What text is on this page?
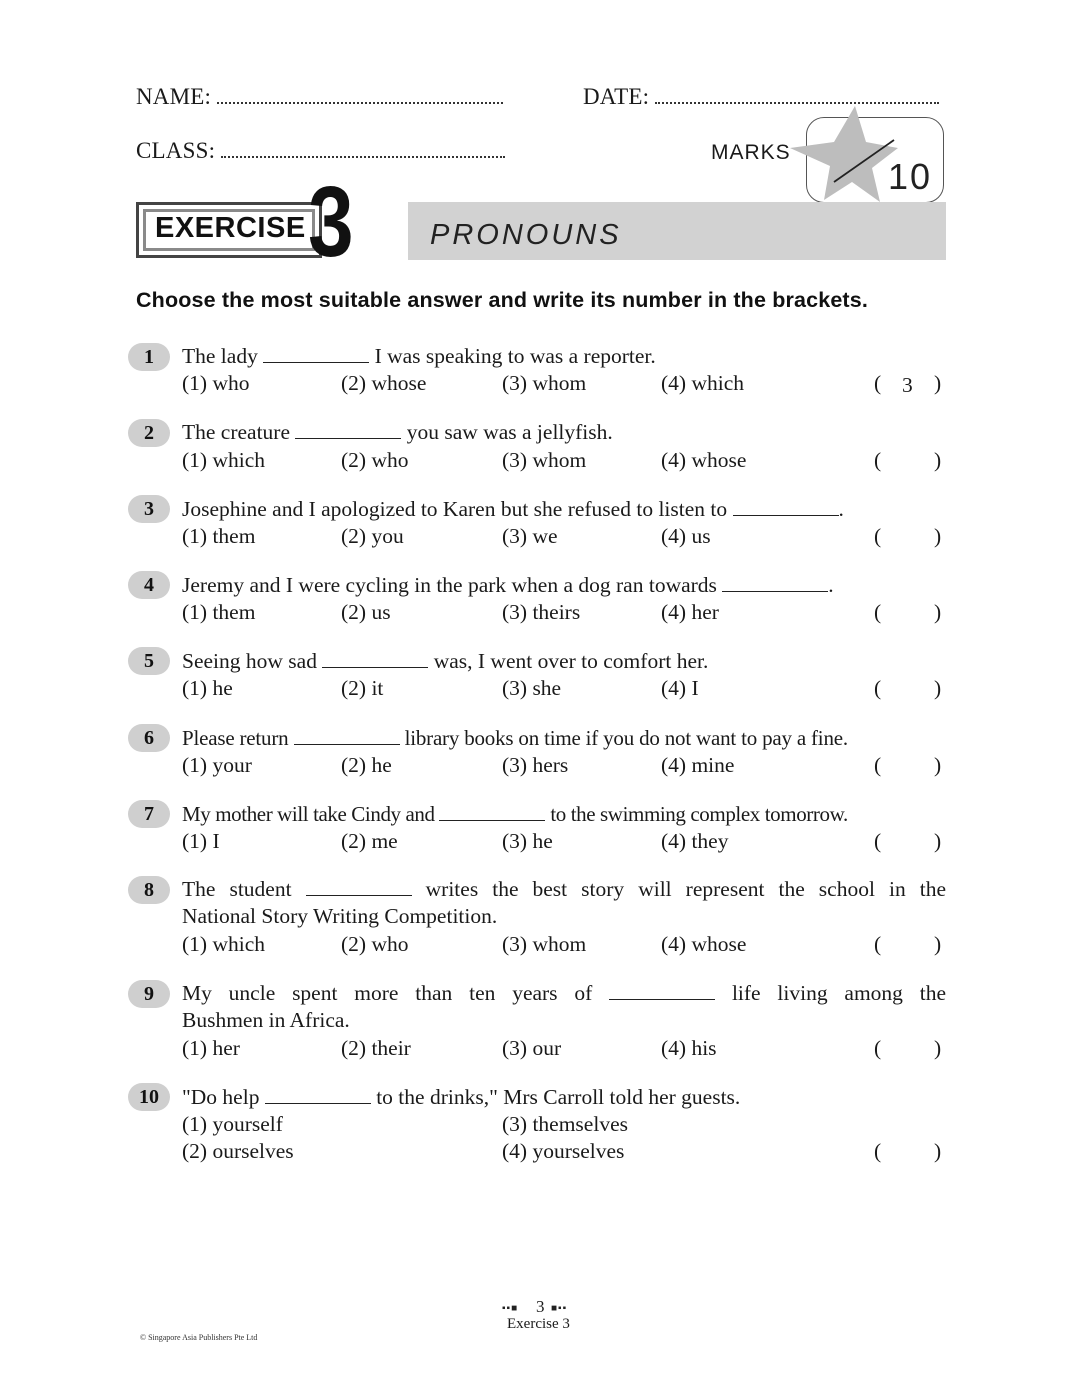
NAME:	DATE:
CLASS:	MARKS
10
EXERCISE 3	PRONOUNS
Choose the most suitable answer and write its number in the brackets.
1	The lady	I was speaking to was a reporter.
(1) who	(2) whose	(3) whom	(4) which	( 3 )
2	The creature	you saw was a jellyfish.
(1) which	(2) who	(3) whom	(4) whose	( )
3	Josephine and I apologized to Karen but she refused to listen to	.
(1) them	(2) you	(3) we	(4) us	( )
4	Jeremy and I were cycling in the park when a dog ran towards	.
(1) them	(2) us	(3) theirs	(4) her	( )
5	Seeing how sad	was, I went over to comfort her.
(1) he	(2) it	(3) she	(4) I	( )
6	Please return	library books on time if you do not want to pay a fine.
(1) your	(2) he	(3) hers	(4) mine	( )
7	My mother will take Cindy and	to the swimming complex tomorrow.
(1) I	(2) me	(3) he	(4) they	( )
8	The student	writes the best story will represent the school in the
National Story Writing Competition.
(1) which	(2) who	(3) whom	(4) whose	( )
9	My uncle spent more than ten years of	life living among the
Bushmen in Africa.
(1) her	(2) their	(3) our	(4) his	( )
10	"Do help	to the drinks," Mrs Carroll told her guests.
(1) yourself	(3) themselves
(2) ourselves	(4) yourselves	( )
▪▪■ 3 ■▪▪
Exercise 3
© Singapore Asia Publishers Pte Ltd
